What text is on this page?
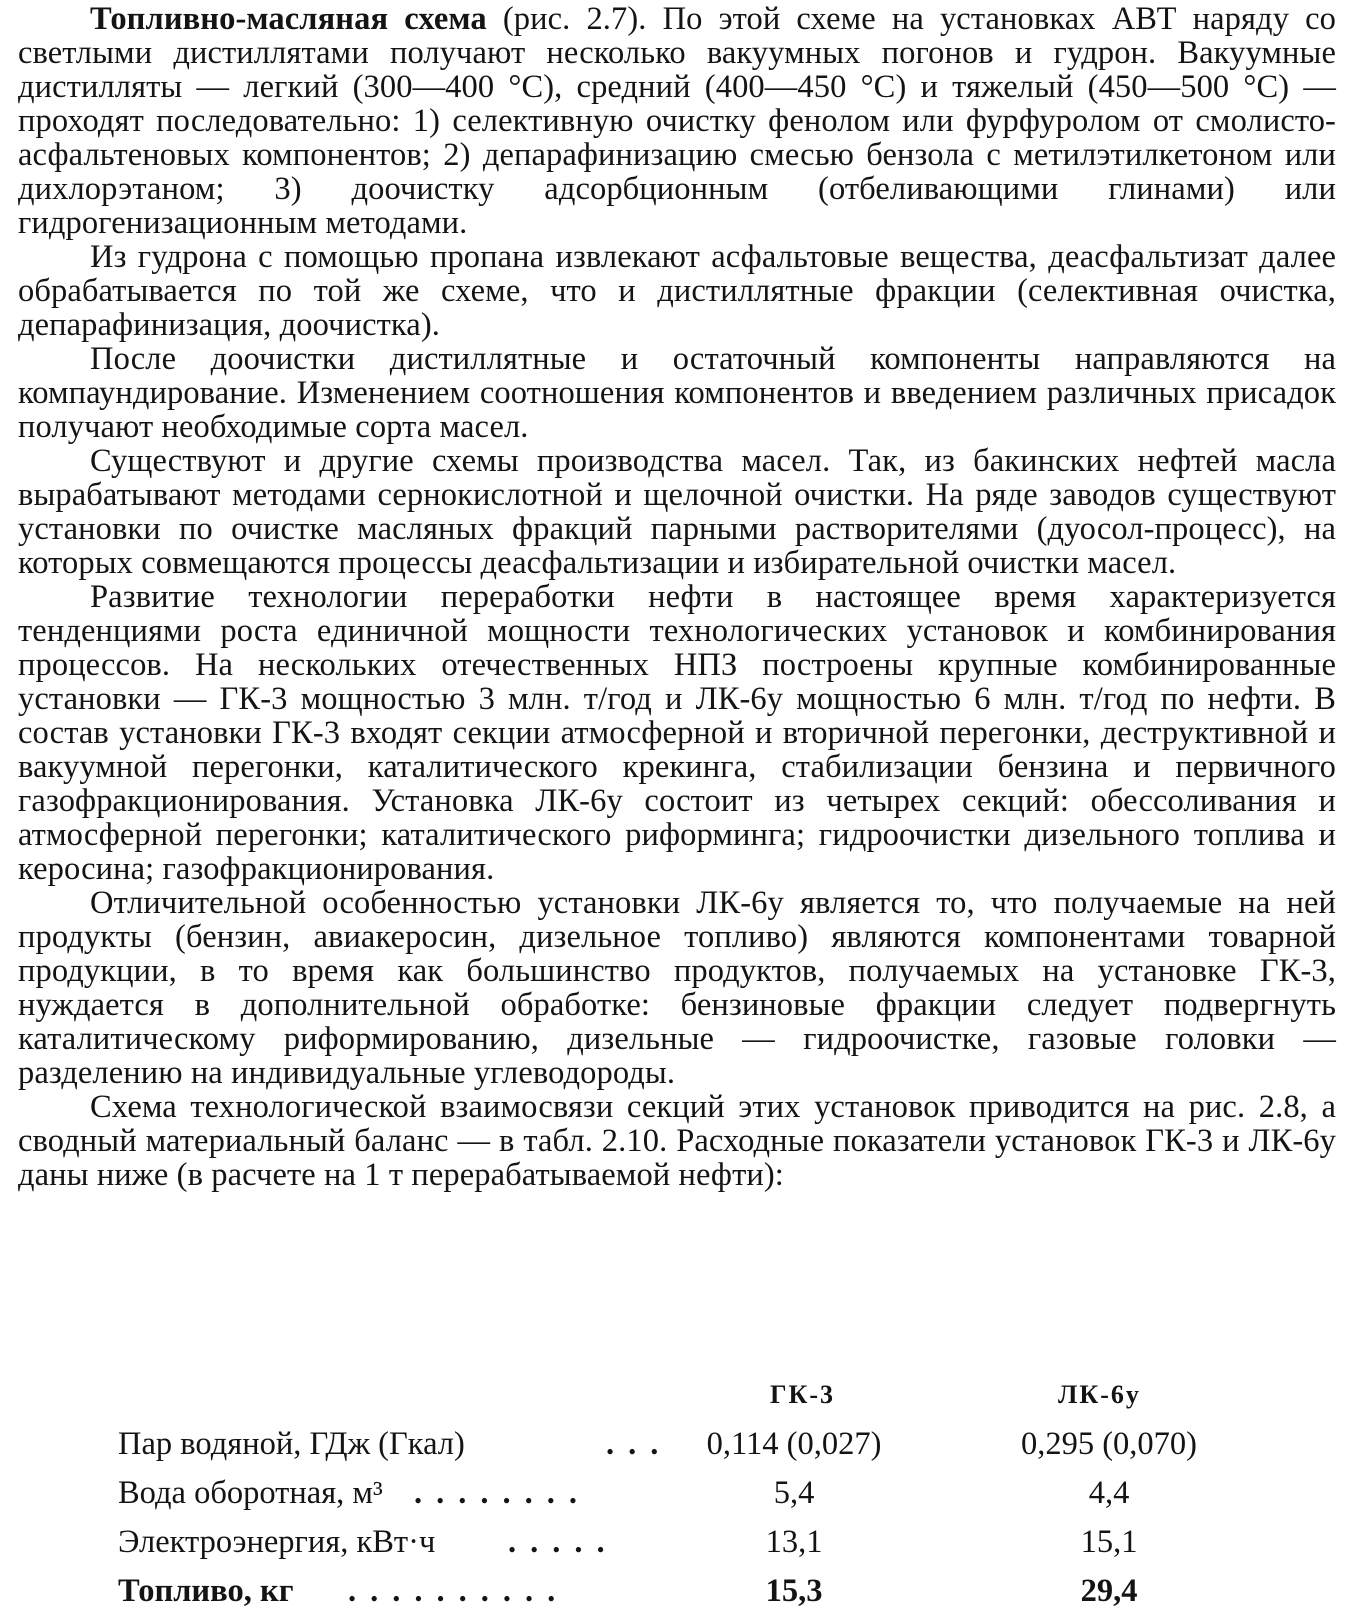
Топливно-масляная схема (рис. 2.7). По этой схеме на установках АВТ наряду со светлыми дистиллятами получают несколько вакуумных погонов и гудрон. Вакуумные дистилляты — легкий (300—400 °С), средний (400—450 °С) и тяжелый (450—500 °С) — проходят последовательно: 1) селективную очистку фенолом или фурфуролом от смолисто-асфальтеновых компонентов; 2) депарафинизацию смесью бензола с метилэтилкетоном или дихлорэтаном; 3) доочистку адсорбционным (отбеливающими глинами) или гидрогенизационным методами.

Из гудрона с помощью пропана извлекают асфальтовые вещества, деасфальтизат далее обрабатывается по той же схеме, что и дистиллятные фракции (селективная очистка, депарафинизация, доочистка).

После доочистки дистиллятные и остаточный компоненты направляются на компаундирование. Изменением соотношения компонентов и введением различных присадок получают необходимые сорта масел.

Существуют и другие схемы производства масел. Так, из бакинских нефтей масла вырабатывают методами сернокислотной и щелочной очистки. На ряде заводов существуют установки по очистке масляных фракций парными растворителями (дуосол-процесс), на которых совмещаются процессы деасфальтизации и избирательной очистки масел.

Развитие технологии переработки нефти в настоящее время характеризуется тенденциями роста единичной мощности технологических установок и комбинирования процессов. На нескольких отечественных НПЗ построены крупные комбинированные установки — ГК-3 мощностью 3 млн. т/год и ЛК-6у мощностью 6 млн. т/год по нефти. В состав установки ГК-3 входят секции атмосферной и вторичной перегонки, деструктивной и вакуумной перегонки, каталитического крекинга, стабилизации бензина и первичного газофракционирования. Установка ЛК-6у состоит из четырех секций: обессоливания и атмосферной перегонки; каталитического риформинга; гидроочистки дизельного топлива и керосина; газофракционирования.

Отличительной особенностью установки ЛК-6у является то, что получаемые на ней продукты (бензин, авиакеросин, дизельное топливо) являются компонентами товарной продукции, в то время как большинство продуктов, получаемых на установке ГК-3, нуждается в дополнительной обработке: бензиновые фракции следует подвергнуть каталитическому риформированию, дизельные — гидроочистке, газовые головки — разделению на индивидуальные углеводороды.

Схема технологической взаимосвязи секций этих установок приводится на рис. 2.8, а сводный материальный баланс — в табл. 2.10. Расходные показатели установок ГК-3 и ЛК-6у даны ниже (в расчете на 1 т перерабатываемой нефти):

ГК-3	ЛК-6у
Пар водяной, ГДж (Гкал)	...	0,114 (0,027)	0,295 (0,070)
Вода оборотная, м³ ........	5,4	4,4
Электроэнергия, кВт·ч .....	13,1	15,1
Топливо, кг ..........	15,3	29,4
